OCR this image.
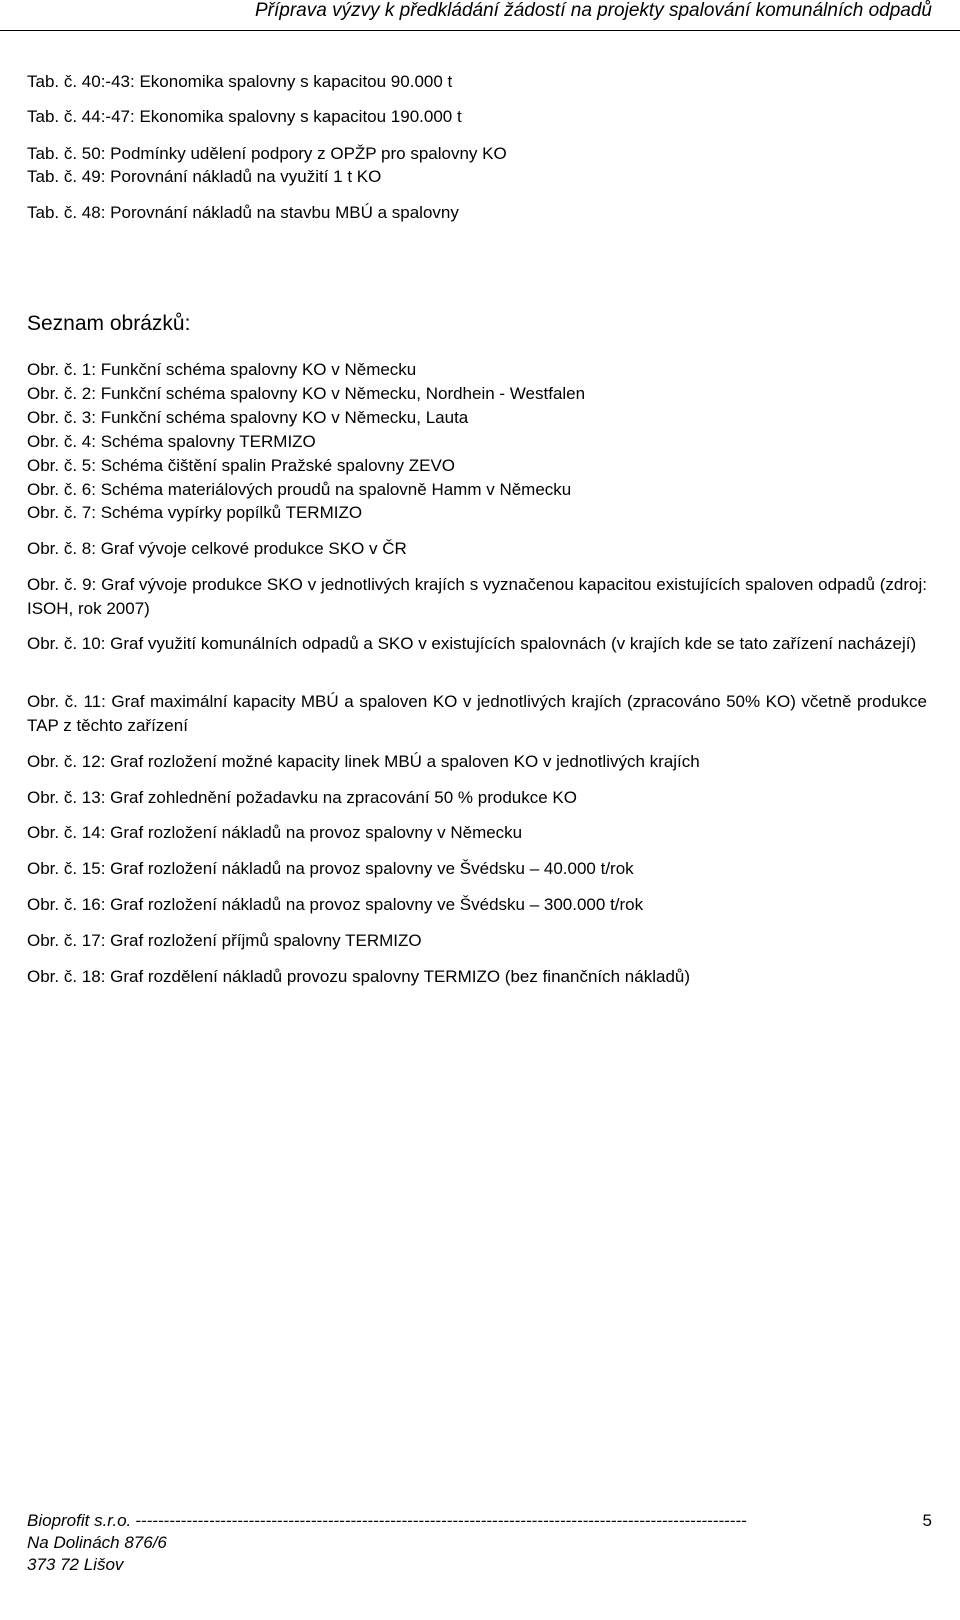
Příprava výzvy k předkládání žádostí na projekty spalování komunálních odpadů
Tab. č. 40:-43: Ekonomika spalovny s kapacitou 90.000 t
Tab. č. 44:-47: Ekonomika spalovny s kapacitou 190.000 t
Tab. č. 50: Podmínky udělení podpory z OPŽP pro spalovny KO
Tab. č. 49: Porovnání nákladů na využití 1 t KO
Tab. č. 48: Porovnání nákladů na stavbu MBÚ a spalovny
Seznam obrázků:
Obr. č. 1: Funkční schéma spalovny KO v Německu
Obr. č. 2: Funkční schéma spalovny KO v Německu, Nordhein - Westfalen
Obr. č. 3: Funkční schéma spalovny KO v Německu, Lauta
Obr. č. 4: Schéma spalovny TERMIZO
Obr. č. 5: Schéma čištění spalin Pražské spalovny ZEVO
Obr. č. 6: Schéma materiálových proudů na spalovně Hamm v Německu
Obr. č. 7: Schéma vypírky popílků TERMIZO
Obr. č. 8: Graf vývoje celkové produkce SKO v ČR
Obr. č. 9: Graf vývoje produkce SKO v jednotlivých krajích s vyznačenou kapacitou existujících spaloven odpadů (zdroj: ISOH, rok 2007)
Obr. č. 10: Graf využití komunálních odpadů a SKO v existujících spalovnách (v krajích kde se tato zařízení nacházejí)
Obr. č. 11: Graf maximální kapacity MBÚ a spaloven KO v jednotlivých krajích (zpracováno 50% KO) včetně produkce TAP z těchto zařízení
Obr. č. 12: Graf rozložení možné kapacity linek MBÚ a spaloven KO v jednotlivých krajích
Obr. č. 13: Graf zohlednění požadavku na zpracování 50 % produkce KO
Obr. č. 14: Graf rozložení nákladů na provoz spalovny v Německu
Obr. č. 15: Graf rozložení nákladů na provoz spalovny ve Švédsku – 40.000 t/rok
Obr. č. 16: Graf rozložení nákladů na provoz spalovny ve Švédsku – 300.000 t/rok
Obr. č. 17: Graf rozložení příjmů spalovny TERMIZO
Obr. č. 18: Graf rozdělení nákladů provozu spalovny TERMIZO (bez finančních nákladů)
Bioprofit s.r.o. ------------------------------------------------------------------------------------------------------------	5
Na Dolinách 876/6
373 72 Lišov
